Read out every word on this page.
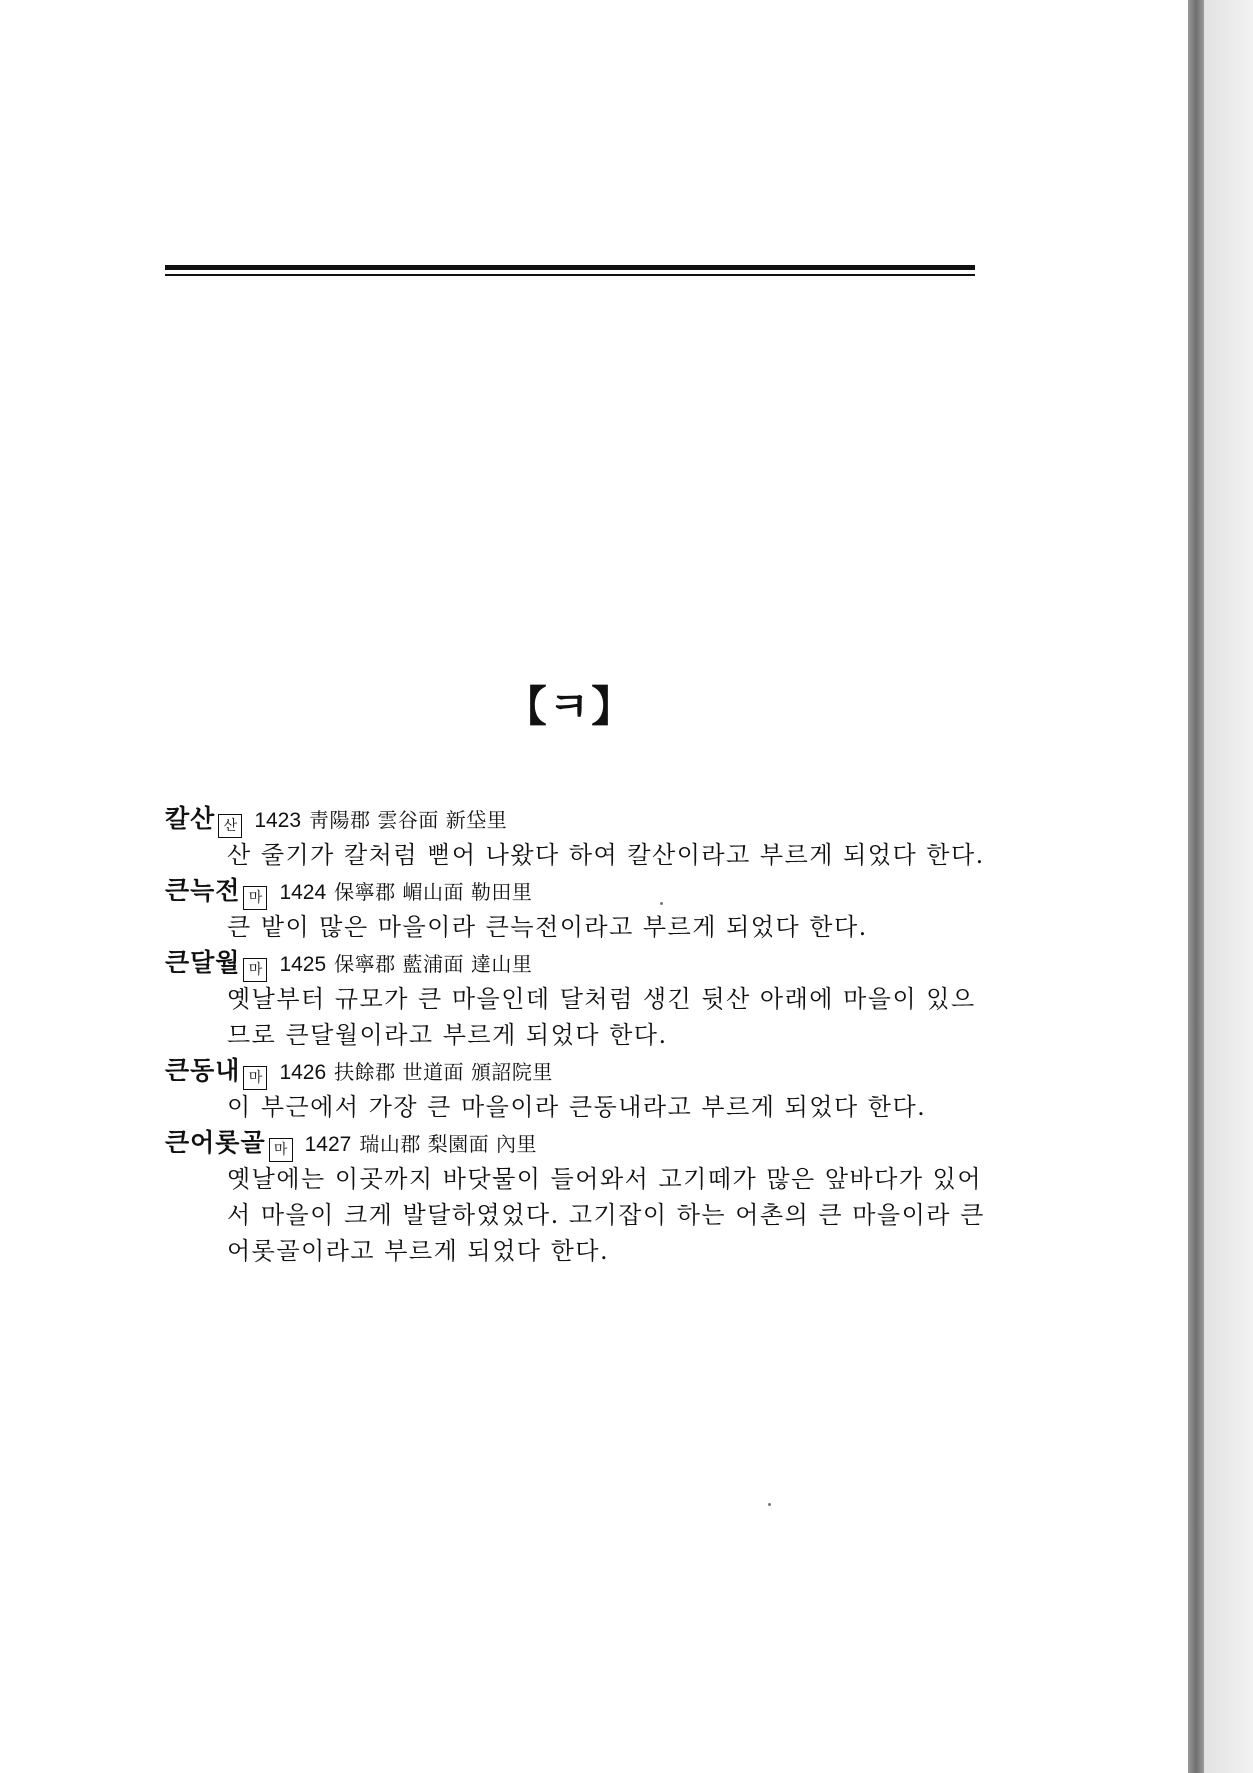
【ㅋ】
칼산 산 1423 靑陽郡 雲谷面 新垈里
산 줄기가 칼처럼 뻗어 나왔다 하여 칼산이라고 부르게 되었다 한다.
큰늑전 마 1424 保寧郡 嵋山面 勒田里
큰 밭이 많은 마을이라 큰늑전이라고 부르게 되었다 한다.
큰달월 마 1425 保寧郡 藍浦面 達山里
옛날부터 규모가 큰 마을인데 달처럼 생긴 뒷산 아래에 마을이 있으
므로 큰달월이라고 부르게 되었다 한다.
큰동내 마 1426 扶餘郡 世道面 頒詔院里
이 부근에서 가장 큰 마을이라 큰동내라고 부르게 되었다 한다.
큰어롯골 마 1427 瑞山郡 梨園面 內里
옛날에는 이곳까지 바닷물이 들어와서 고기떼가 많은 앞바다가 있어
서 마을이 크게 발달하였었다. 고기잡이 하는 어촌의 큰 마을이라 큰
어롯골이라고 부르게 되었다 한다.
